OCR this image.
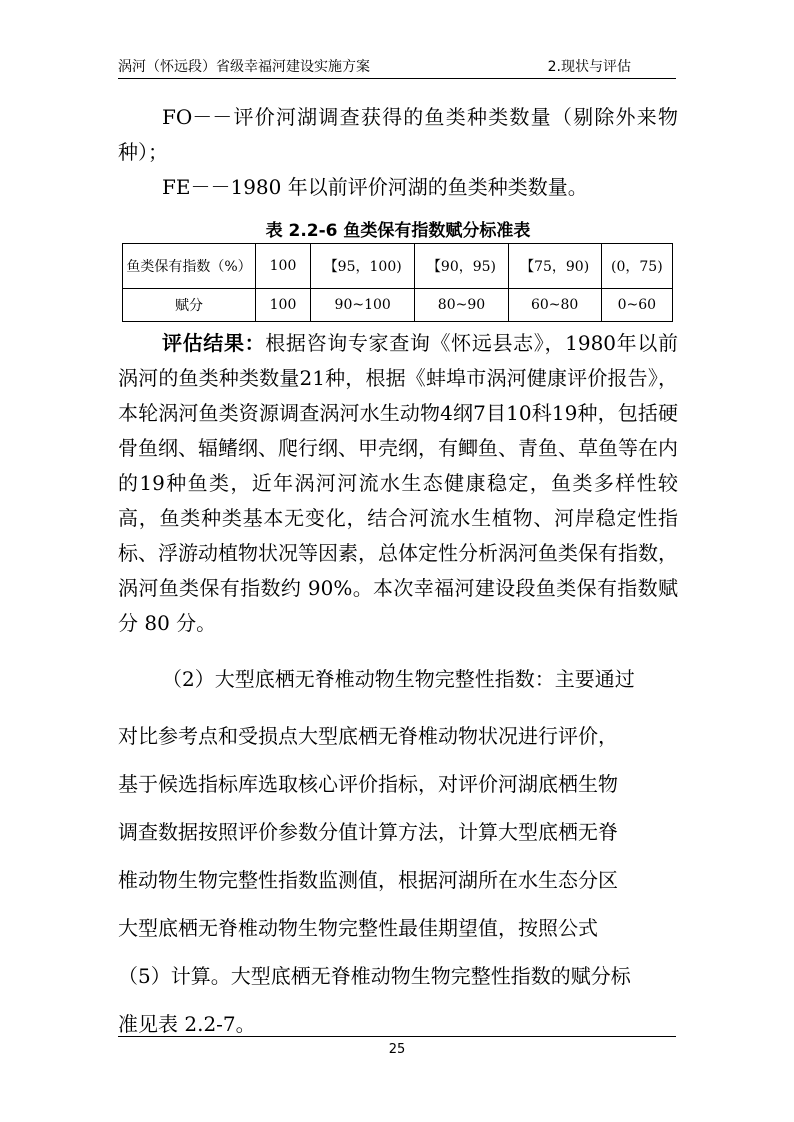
涡河（怀远段）省级幸福河建设实施方案	2.现状与评估

FO－－评价河湖调查获得的鱼类种类数量（剔除外来物种）；

FE－－1980 年以前评价河湖的鱼类种类数量。

表 2.2-6 鱼类保有指数赋分标准表
鱼类保有指数（%）	100	【95，100)	【90，95)	【75，90)	(0，75)
赋分	100	90~100	80~90	60~80	0~60

评估结果：根据咨询专家查询《怀远县志》，1980年以前涡河的鱼类种类数量21种，根据《蚌埠市涡河健康评价报告》，本轮涡河鱼类资源调查涡河水生动物4纲7目10科19种，包括硬骨鱼纲、辐鳍纲、爬行纲、甲壳纲，有鲫鱼、青鱼、草鱼等在内的19种鱼类，近年涡河河流水生态健康稳定，鱼类多样性较高，鱼类种类基本无变化，结合河流水生植物、河岸稳定性指标、浮游动植物状况等因素，总体定性分析涡河鱼类保有指数，涡河鱼类保有指数约 90%。本次幸福河建设段鱼类保有指数赋分 80 分。

（2）大型底栖无脊椎动物生物完整性指数：主要通过

对比参考点和受损点大型底栖无脊椎动物状况进行评价，
基于候选指标库选取核心评价指标，对评价河湖底栖生物
调查数据按照评价参数分值计算方法，计算大型底栖无脊
椎动物生物完整性指数监测值，根据河湖所在水生态分区
大型底栖无脊椎动物生物完整性最佳期望值，按照公式
（5）计算。大型底栖无脊椎动物生物完整性指数的赋分标
准见表 2.2-7。
25
